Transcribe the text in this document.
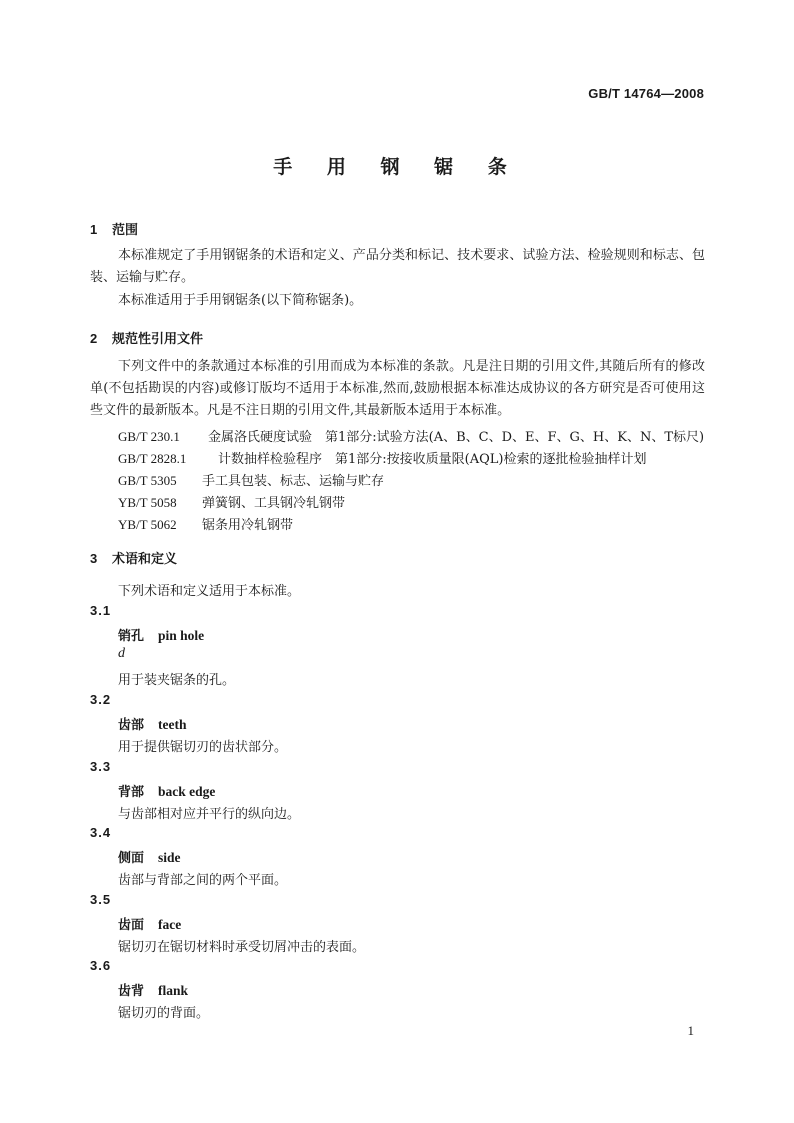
GB/T 14764—2008
手 用 钢 锯 条
1 范围
本标准规定了手用钢锯条的术语和定义、产品分类和标记、技术要求、试验方法、检验规则和标志、包装、运输与贮存。
本标准适用于手用钢锯条(以下简称锯条)。
2 规范性引用文件
下列文件中的条款通过本标准的引用而成为本标准的条款。凡是注日期的引用文件,其随后所有的修改单(不包括勘误的内容)或修订版均不适用于本标准,然而,鼓励根据本标准达成协议的各方研究是否可使用这些文件的最新版本。凡是不注日期的引用文件,其最新版本适用于本标准。
GB/T 230.1 金属洛氏硬度试验　第1部分:试验方法(A、B、C、D、E、F、G、H、K、N、T标尺)
GB/T 2828.1 计数抽样检验程序　第1部分:按接收质量限(AQL)检索的逐批检验抽样计划
GB/T 5305 手工具包装、标志、运输与贮存
YB/T 5058 弹簧钢、工具钢冷轧钢带
YB/T 5062 锯条用冷轧钢带
3 术语和定义
下列术语和定义适用于本标准。
3.1
销孔 pin hole
d
用于装夹锯条的孔。
3.2
齿部 teeth
用于提供锯切刃的齿状部分。
3.3
背部 back edge
与齿部相对应并平行的纵向边。
3.4
侧面 side
齿部与背部之间的两个平面。
3.5
齿面 face
锯切刃在锯切材料时承受切屑冲击的表面。
3.6
齿背 flank
锯切刃的背面。
1
